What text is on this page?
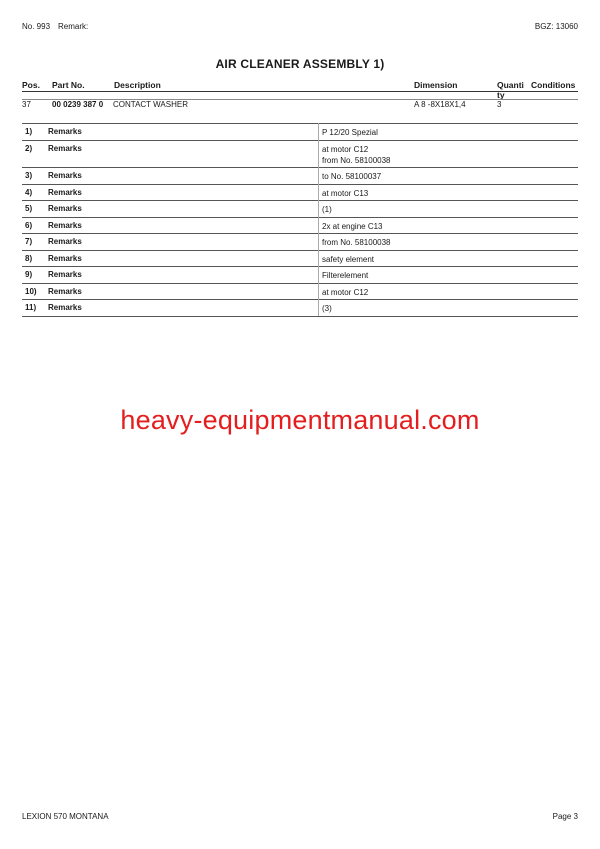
No. 993 Remark:	BGZ: 13060
AIR CLEANER ASSEMBLY 1)
Pos. Part No.	Description	Dimension	Quanti
ty
Conditions
37	00 0239 387 0 CONTACT WASHER	A 8 -8X18X1,4	3
1) Remarks	P 12/20 Spezial
2) Remarks	at motor C12
from No. 58100038
3) Remarks	to No. 58100037
4) Remarks	at motor C13
5) Remarks	(1)
6) Remarks	2x at engine C13
7) Remarks	from No. 58100038
8) Remarks	safety element
9) Remarks	Filterelement
10) Remarks	at motor C12
11) Remarks	(3)
heavy-equipmentmanual.com
LEXION 570 MONTANA	Page 3
